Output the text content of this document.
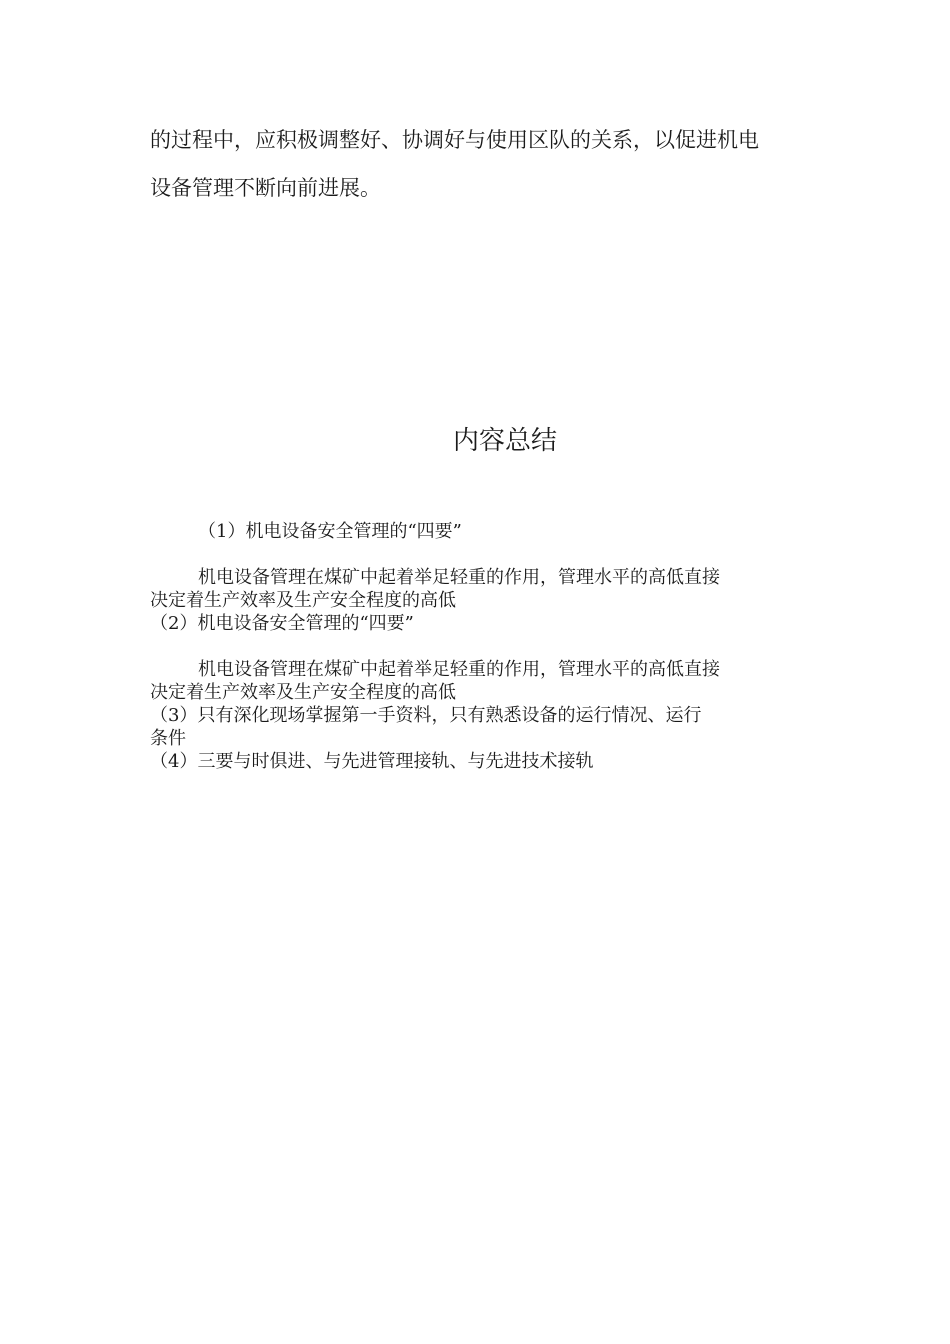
的过程中，应积极调整好、协调好与使用区队的关系，以促进机电
设备管理不断向前进展。

内容总结
（1）机电设备安全管理的“四要”
机电设备管理在煤矿中起着举足轻重的作用，管理水平的高低直接
决定着生产效率及生产安全程度的高低
（2）机电设备安全管理的“四要”
机电设备管理在煤矿中起着举足轻重的作用，管理水平的高低直接
决定着生产效率及生产安全程度的高低
（3）只有深化现场掌握第一手资料，只有熟悉设备的运行情况、运行
条件
（4）三要与时俱进、与先进管理接轨、与先进技术接轨
